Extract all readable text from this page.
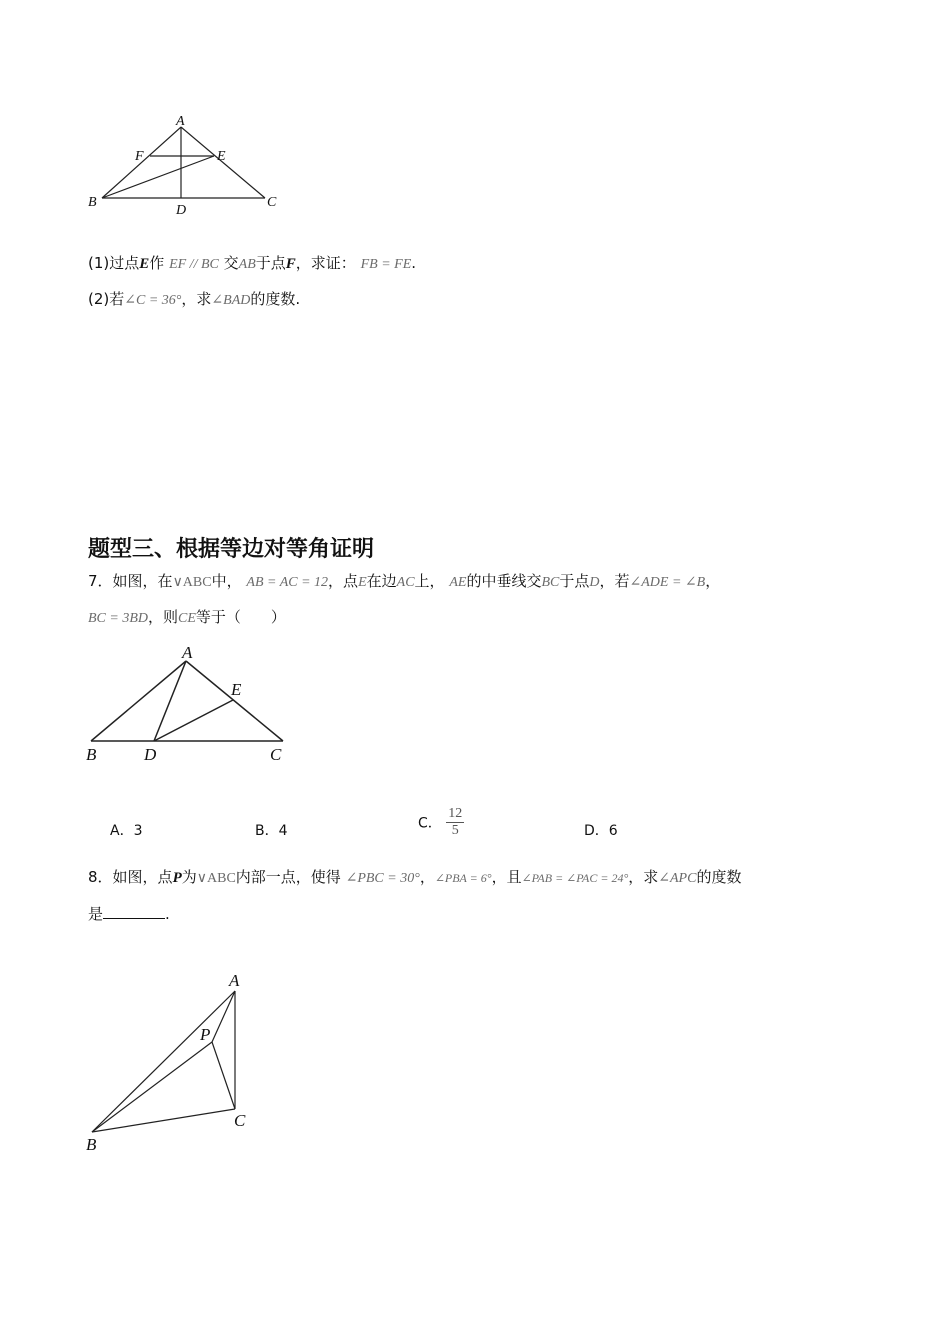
A
B	C
D
E
F
(1)过点E作 EF // BC 交AB于点F，求证： FB = FE.
(2)若∠C = 36°，求∠BAD的度数.
题型三、根据等边对等角证明
7．如图，在∨ABC中， AB = AC = 12，点E在边AC上， AE的中垂线交BC于点D，若∠ADE = ∠B，
BC = 3BD，则CE等于（　　）
A
B	C
D
E
A．3	B．4	C． $\frac{12}{5}$	D．6
8．如图，点P为∨ABC内部一点，使得 ∠PBC = 30°，∠PBA = 6°，且∠PAB = ∠PAC = 24°，求∠APC的度数
是	.
A
B
C
P
